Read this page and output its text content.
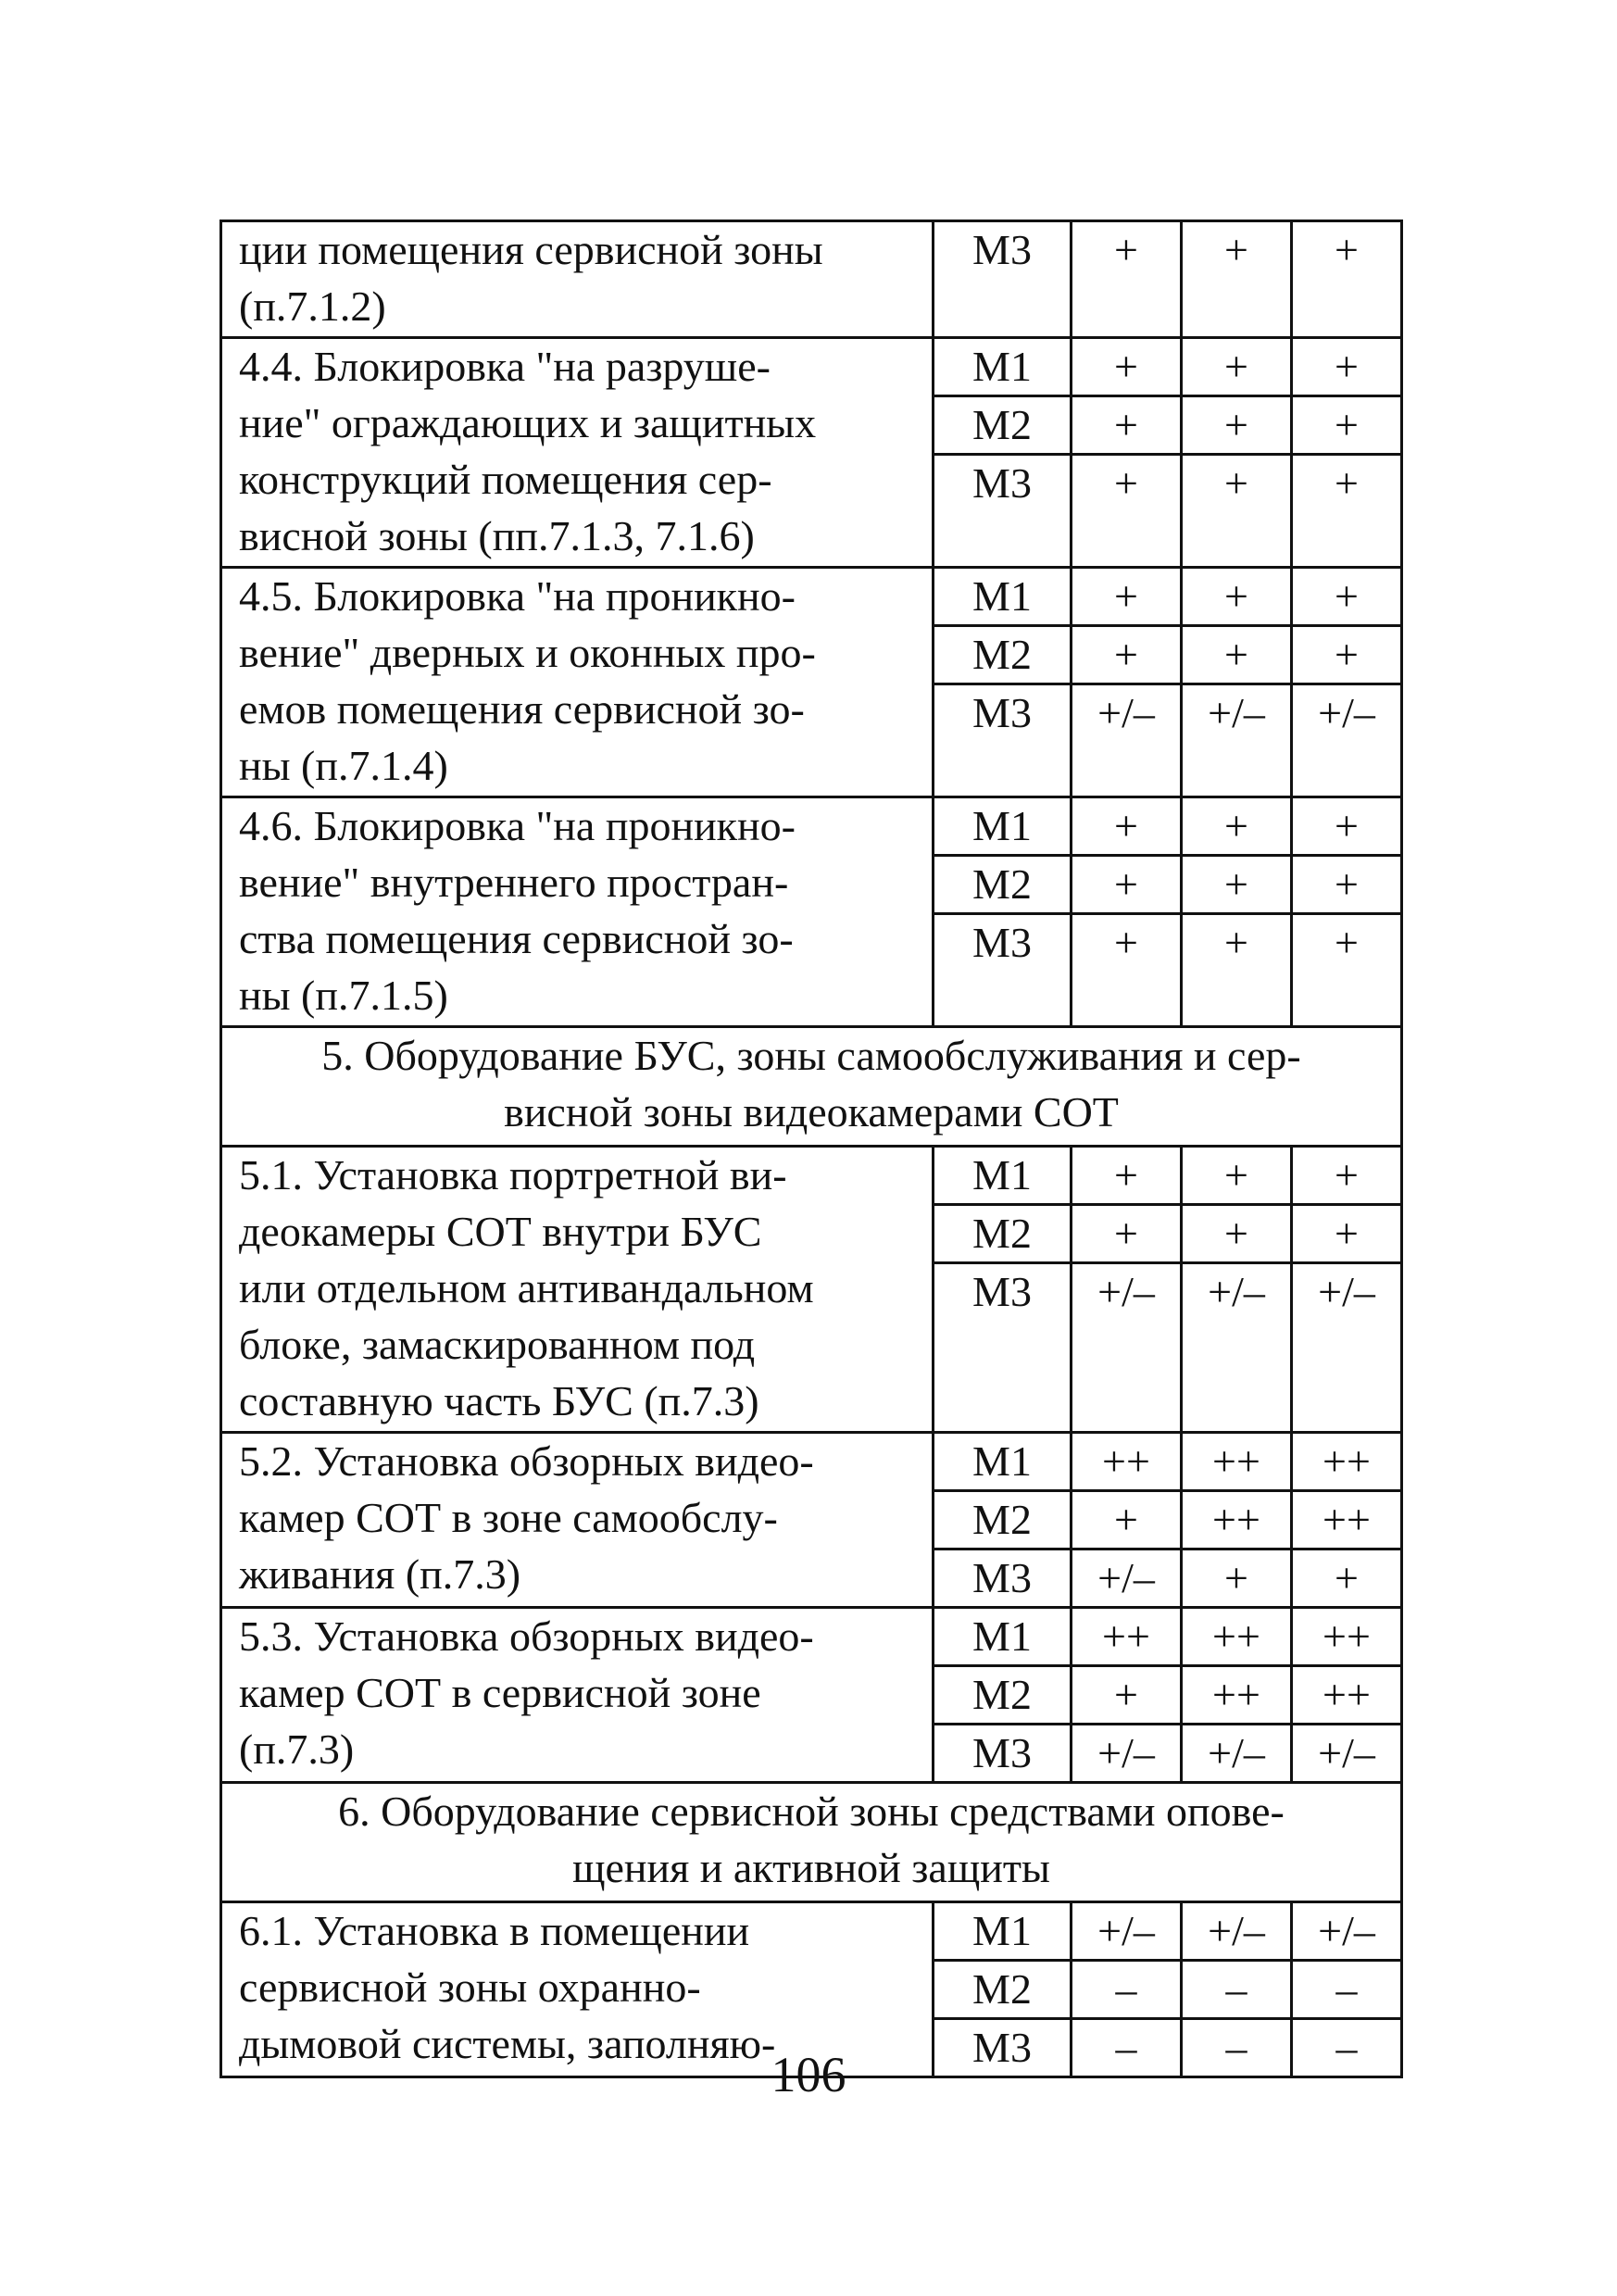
ции помещения сервисной зоны
(п.7.1.2)	М3	+	+	+

4.4. Блокировка "на разруше-
ние" ограждающих и защитных
конструкций помещения сер-
висной зоны (пп.7.1.3, 7.1.6)	М1	+	+	+
	М2	+	+	+
	М3	+	+	+

4.5. Блокировка "на проникно-
вение" дверных и оконных про-
емов помещения сервисной зо-
ны (п.7.1.4)	М1	+	+	+
	М2	+	+	+
	М3	+/–	+/–	+/–

4.6. Блокировка "на проникно-
вение" внутреннего простран-
ства помещения сервисной зо-
ны (п.7.1.5)	М1	+	+	+
	М2	+	+	+
	М3	+	+	+

5. Оборудование БУС, зоны самообслуживания и сер-
висной зоны видеокамерами СОТ				

5.1. Установка портретной ви-
деокамеры СОТ внутри БУС
или отдельном антивандальном
блоке, замаскированном под
составную часть БУС (п.7.3)	М1	+	+	+
	М2	+	+	+
	М3	+/–	+/–	+/–

5.2. Установка обзорных видео-
камер СОТ в зоне самообслу-
живания (п.7.3)	М1	++	++	++
	М2	+	++	++
	М3	+/–	+	+

5.3. Установка обзорных видео-
камер СОТ в сервисной зоне
(п.7.3)	М1	++	++	++
	М2	+	++	++
	М3	+/–	+/–	+/–

6. Оборудование сервисной зоны средствами опове-
щения и активной защиты				

6.1. Установка в помещении
сервисной зоны охранно-
дымовой системы, заполняю-	М1	+/–	+/–	+/–
	М2	–	–	–
	М3	–	–	–
106
